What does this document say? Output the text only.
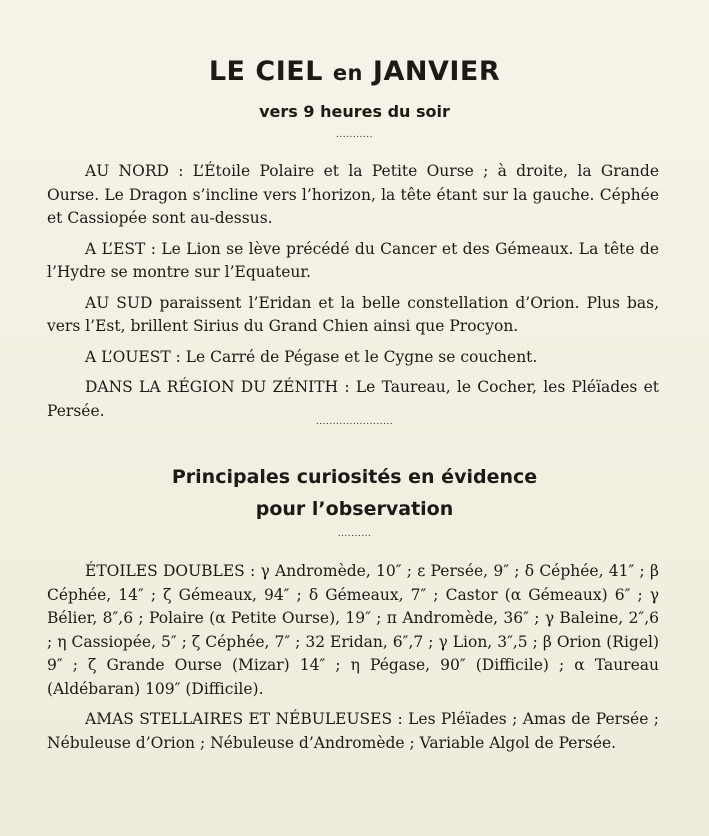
LE CIEL en JANVIER
vers 9 heures du soir
...........

AU NORD : L’Étoile Polaire et la Petite Ourse ; à droite, la Grande Ourse. Le Dragon s’incline vers l’horizon, la tête étant sur la gauche. Céphée et Cassiopée sont au-dessus.

A L’EST : Le Lion se lève précédé du Cancer et des Gémeaux. La tête de l’Hydre se montre sur l’Equateur.

AU SUD paraissent l’Eridan et la belle constellation d’Orion. Plus bas, vers l’Est, brillent Sirius du Grand Chien ainsi que Procyon.

A L’OUEST : Le Carré de Pégase et le Cygne se couchent.

DANS LA RÉGION DU ZÉNITH : Le Taureau, le Cocher, les Pléïades et Persée.

.......................
Principales curiosités en évidence
pour l’observation
..........

ÉTOILES DOUBLES : γ Andromède, 10″ ; ε Persée, 9″ ; δ Céphée, 41″ ; β Céphée, 14″ ; ζ Gémeaux, 94″ ; δ Gémeaux, 7″ ; Castor (α Gémeaux) 6″ ; γ Bélier, 8″,6 ; Polaire (α Petite Ourse), 19″ ; π Andromède, 36″ ; γ Baleine, 2″,6 ; η Cassiopée, 5″ ; ζ Céphée, 7″ ; 32 Eridan, 6″,7 ; γ Lion, 3″,5 ; β Orion (Rigel) 9″ ; ζ Grande Ourse (Mizar) 14″ ; η Pégase, 90″ (Difficile) ; α Taureau (Aldébaran) 109″ (Difficile).

AMAS STELLAIRES ET NÉBULEUSES : Les Pléïades ; Amas de Persée ; Nébuleuse d’Orion ; Nébuleuse d’Andromède ; Variable Algol de Persée.
